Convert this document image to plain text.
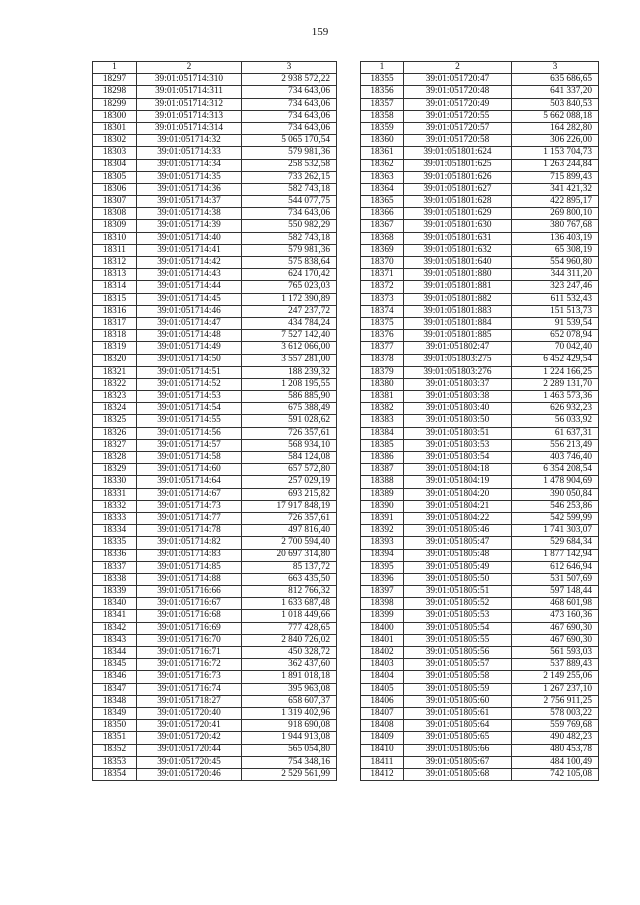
159
1	2	3
18297	39:01:051714:310	2 938 572,22
18298	39:01:051714:311	734 643,06
18299	39:01:051714:312	734 643,06
18300	39:01:051714:313	734 643,06
18301	39:01:051714:314	734 643,06
18302	39:01:051714:32	5 065 170,54
18303	39:01:051714:33	579 981,36
18304	39:01:051714:34	258 532,58
18305	39:01:051714:35	733 262,15
18306	39:01:051714:36	582 743,18
18307	39:01:051714:37	544 077,75
18308	39:01:051714:38	734 643,06
18309	39:01:051714:39	550 982,29
18310	39:01:051714:40	582 743,18
18311	39:01:051714:41	579 981,36
18312	39:01:051714:42	575 838,64
18313	39:01:051714:43	624 170,42
18314	39:01:051714:44	765 023,03
18315	39:01:051714:45	1 172 390,89
18316	39:01:051714:46	247 237,72
18317	39:01:051714:47	434 784,24
18318	39:01:051714:48	7 527 142,40
18319	39:01:051714:49	3 612 066,00
18320	39:01:051714:50	3 557 281,00
18321	39:01:051714:51	188 239,32
18322	39:01:051714:52	1 208 195,55
18323	39:01:051714:53	586 885,90
18324	39:01:051714:54	675 388,49
18325	39:01:051714:55	591 028,62
18326	39:01:051714:56	726 357,61
18327	39:01:051714:57	568 934,10
18328	39:01:051714:58	584 124,08
18329	39:01:051714:60	657 572,80
18330	39:01:051714:64	257 029,19
18331	39:01:051714:67	693 215,82
18332	39:01:051714:73	17 917 848,19
18333	39:01:051714:77	726 357,61
18334	39:01:051714:78	497 816,40
18335	39:01:051714:82	2 700 594,40
18336	39:01:051714:83	20 697 314,80
18337	39:01:051714:85	85 137,72
18338	39:01:051714:88	663 435,50
18339	39:01:051716:66	812 766,32
18340	39:01:051716:67	1 633 687,48
18341	39:01:051716:68	1 018 449,66
18342	39:01:051716:69	777 428,65
18343	39:01:051716:70	2 840 726,02
18344	39:01:051716:71	450 328,72
18345	39:01:051716:72	362 437,60
18346	39:01:051716:73	1 891 018,18
18347	39:01:051716:74	395 963,08
18348	39:01:051718:27	658 607,37
18349	39:01:051720:40	1 319 402,96
18350	39:01:051720:41	918 690,08
18351	39:01:051720:42	1 944 913,08
18352	39:01:051720:44	565 054,80
18353	39:01:051720:45	754 348,16
18354	39:01:051720:46	2 529 561,99
1	2	3
18355	39:01:051720:47	635 686,65
18356	39:01:051720:48	641 337,20
18357	39:01:051720:49	503 840,53
18358	39:01:051720:55	5 662 088,18
18359	39:01:051720:57	164 282,80
18360	39:01:051720:58	306 226,00
18361	39:01:051801:624	1 153 704,73
18362	39:01:051801:625	1 263 244,84
18363	39:01:051801:626	715 899,43
18364	39:01:051801:627	341 421,32
18365	39:01:051801:628	422 895,17
18366	39:01:051801:629	269 800,10
18367	39:01:051801:630	380 767,68
18368	39:01:051801:631	136 403,19
18369	39:01:051801:632	65 308,19
18370	39:01:051801:640	554 960,80
18371	39:01:051801:880	344 311,20
18372	39:01:051801:881	323 247,46
18373	39:01:051801:882	611 532,43
18374	39:01:051801:883	151 513,73
18375	39:01:051801:884	91 539,54
18376	39:01:051801:885	652 078,94
18377	39:01:051802:47	70 042,40
18378	39:01:051803:275	6 452 429,54
18379	39:01:051803:276	1 224 166,25
18380	39:01:051803:37	2 289 131,70
18381	39:01:051803:38	1 463 573,36
18382	39:01:051803:40	626 932,23
18383	39:01:051803:50	56 033,92
18384	39:01:051803:51	61 637,31
18385	39:01:051803:53	556 213,49
18386	39:01:051803:54	403 746,40
18387	39:01:051804:18	6 354 208,54
18388	39:01:051804:19	1 478 904,69
18389	39:01:051804:20	390 050,84
18390	39:01:051804:21	546 253,86
18391	39:01:051804:22	542 599,99
18392	39:01:051805:46	1 741 303,07
18393	39:01:051805:47	529 684,34
18394	39:01:051805:48	1 877 142,94
18395	39:01:051805:49	612 646,94
18396	39:01:051805:50	531 507,69
18397	39:01:051805:51	597 148,44
18398	39:01:051805:52	468 601,98
18399	39:01:051805:53	473 160,36
18400	39:01:051805:54	467 690,30
18401	39:01:051805:55	467 690,30
18402	39:01:051805:56	561 593,03
18403	39:01:051805:57	537 889,43
18404	39:01:051805:58	2 149 255,06
18405	39:01:051805:59	1 267 237,10
18406	39:01:051805:60	2 756 911,25
18407	39:01:051805:61	578 003,22
18408	39:01:051805:64	559 769,68
18409	39:01:051805:65	490 482,23
18410	39:01:051805:66	480 453,78
18411	39:01:051805:67	484 100,49
18412	39:01:051805:68	742 105,08
